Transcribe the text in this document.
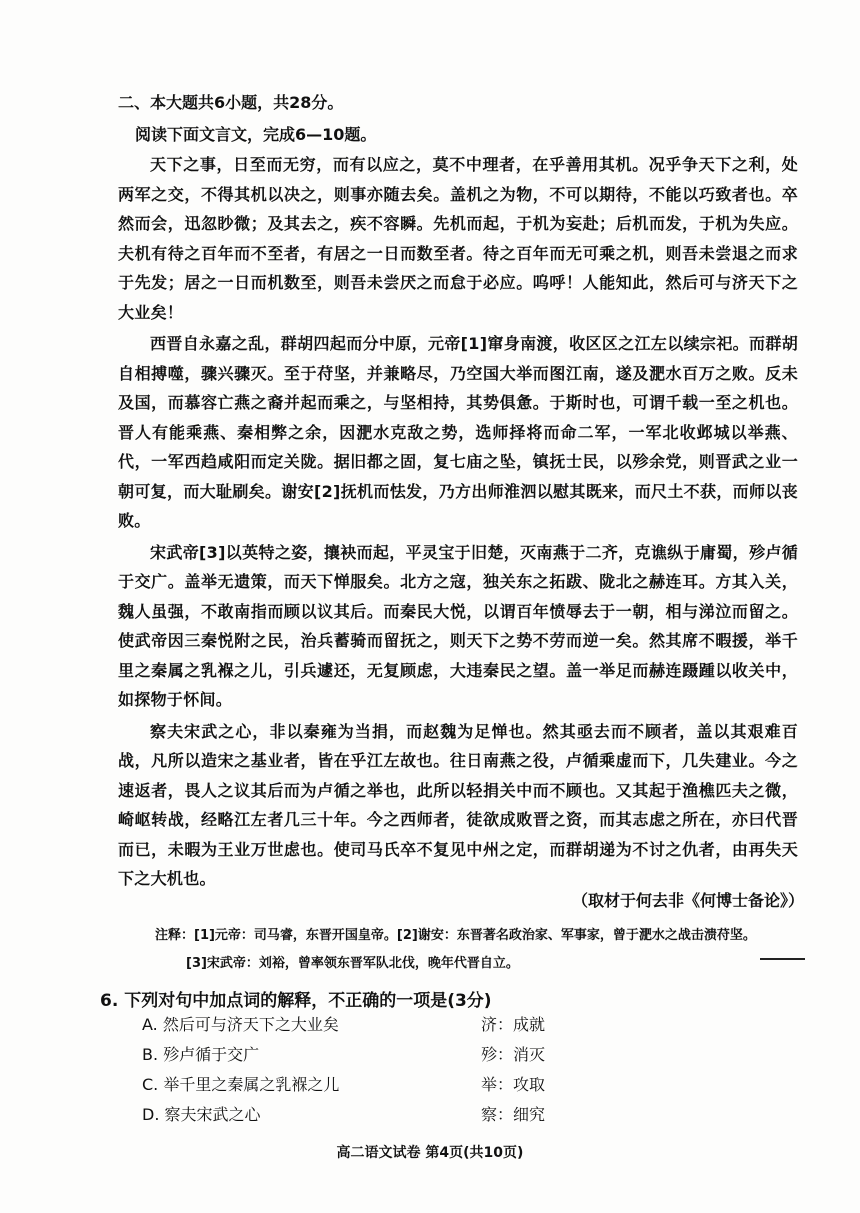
二、本大题共6小题，共28分。
阅读下面文言文，完成6—10题。

天下之事，日至而无穷，而有以应之，莫不中理者，在乎善用其机。况乎争天下之利，处两军之交，不得其机以决之，则事亦随去矣。盖机之为物，不可以期待，不能以巧致者也。卒然而会，迅忽眇微；及其去之，疾不容瞬。先机而起，于机为妄赴；后机而发，于机为失应。夫机有待之百年而不至者，有居之一日而数至者。待之百年而无可乘之机，则吾未尝退之而求于先发；居之一日而机数至，则吾未尝厌之而怠于必应。呜呼！人能知此，然后可与济天下之大业矣！

西晋自永嘉之乱，群胡四起而分中原，元帝[1]窜身南渡，收区区之江左以续宗祀。而群胡自相搏噬，骤兴骤灭。至于苻坚，并兼略尽，乃空国大举而图江南，遂及淝水百万之败。反未及国，而慕容亡燕之裔并起而乘之，与坚相持，其势俱惫。于斯时也，可谓千载一至之机也。晋人有能乘燕、秦相弊之余，因淝水克敌之势，选师择将而命二军，一军北收邺城以举燕、代，一军西趋咸阳而定关陇。据旧都之固，复七庙之坠，镇抚士民，以殄余党，则晋武之业一朝可复，而大耻刷矣。谢安[2]抚机而怯发，乃方出师淮泗以慰其既来，而尺土不获，而师以丧败。

宋武帝[3]以英特之姿，攘袂而起，平灵宝于旧楚，灭南燕于二齐，克谯纵于庸蜀，殄卢循于交广。盖举无遗策，而天下惮服矣。北方之寇，独关东之拓跋、陇北之赫连耳。方其入关，魏人虽强，不敢南指而顾以议其后。而秦民大悦，以谓百年愤辱去于一朝，相与涕泣而留之。使武帝因三秦悦附之民，治兵蓄骑而留抚之，则天下之势不劳而逆一矣。然其席不暇援，举千里之秦属之乳褓之儿，引兵遽还，无复顾虑，大违秦民之望。盖一举足而赫连蹑踵以收关中，如探物于怀间。

察夫宋武之心，非以秦雍为当捐，而赵魏为足惮也。然其亟去而不顾者，盖以其艰难百战，凡所以造宋之基业者，皆在乎江左故也。往日南燕之役，卢循乘虚而下，几失建业。今之速返者，畏人之议其后而为卢循之举也，此所以轻捐关中而不顾也。又其起于渔樵匹夫之微，崎岖转战，经略江左者几三十年。今之西师者，徒欲成败晋之资，而其志虑之所在，亦曰代晋而已，未暇为王业万世虑也。使司马氏卒不复见中州之定，而群胡递为不讨之仇者，由再失天下之大机也。

（取材于何去非《何博士备论》）
注释：[1]元帝：司马睿，东晋开国皇帝。[2]谢安：东晋著名政治家、军事家，曾于淝水之战击溃苻坚。
[3]宋武帝：刘裕，曾率领东晋军队北伐，晚年代晋自立。
6. 下列对句中加点词的解释，不正确的一项是(3分)
A. 然后可与济天下之大业矣	济：成就
B. 殄卢循于交广	殄：消灭
C. 举千里之秦属之乳褓之儿	举：攻取
D. 察夫宋武之心	察：细究
高二语文试卷 第4页(共10页)
